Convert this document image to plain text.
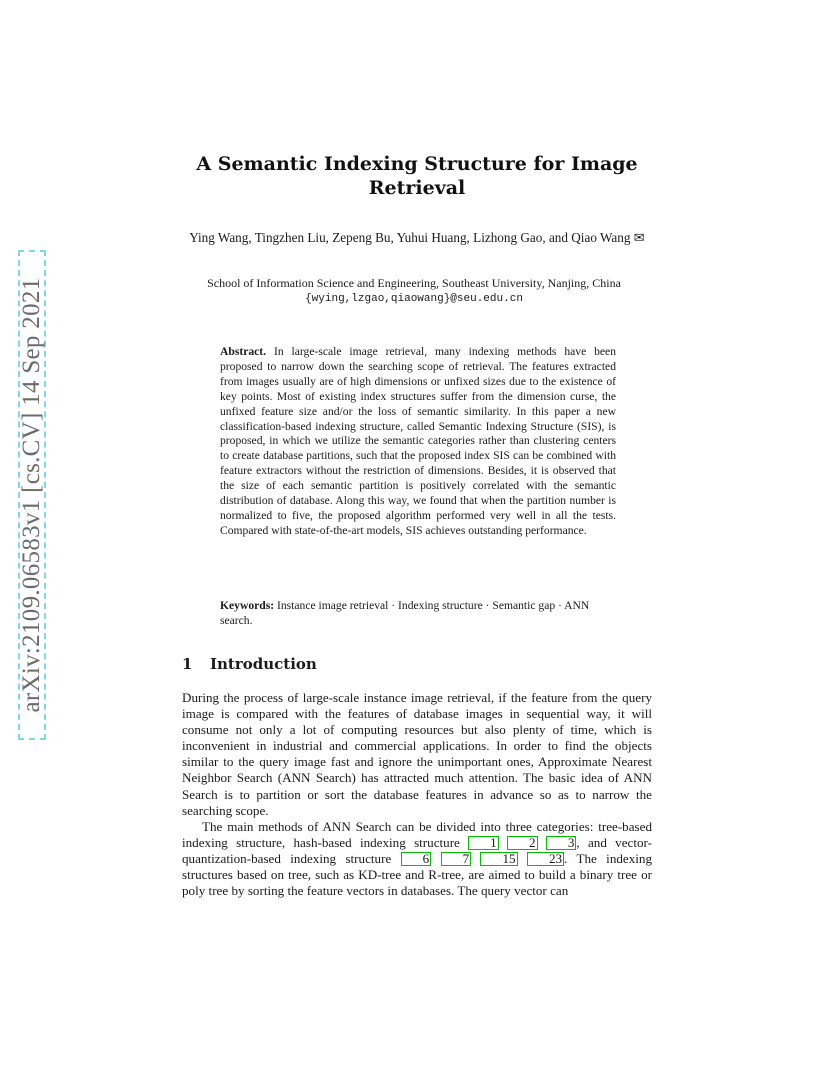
arXiv:2109.06583v1 [cs.CV] 14 Sep 2021
A Semantic Indexing Structure for Image Retrieval
Ying Wang, Tingzhen Liu, Zepeng Bu, Yuhui Huang, Lizhong Gao, and Qiao Wang ✉
School of Information Science and Engineering, Southeast University, Nanjing, China
{wying,lzgao,qiaowang}@seu.edu.cn

Abstract. In large-scale image retrieval, many indexing methods have been proposed to narrow down the searching scope of retrieval. The features extracted from images usually are of high dimensions or unfixed sizes due to the existence of key points. Most of existing index structures suffer from the dimension curse, the unfixed feature size and/or the loss of semantic similarity. In this paper a new classification-based indexing structure, called Semantic Indexing Structure (SIS), is proposed, in which we utilize the semantic categories rather than clustering centers to create database partitions, such that the proposed index SIS can be combined with feature extractors without the restriction of dimensions. Besides, it is observed that the size of each semantic partition is positively correlated with the semantic distribution of database. Along this way, we found that when the partition number is normalized to five, the proposed algorithm performed very well in all the tests. Compared with state-of-the-art models, SIS achieves outstanding performance.

Keywords: Instance image retrieval · Indexing structure · Semantic gap · ANN search.
1 Introduction

During the process of large-scale instance image retrieval, if the feature from the query image is compared with the features of database images in sequential way, it will consume not only a lot of computing resources but also plenty of time, which is inconvenient in industrial and commercial applications. In order to find the objects similar to the query image fast and ignore the unimportant ones, Approximate Nearest Neighbor Search (ANN Search) has attracted much attention. The basic idea of ANN Search is to partition or sort the database features in advance so as to narrow the searching scope.

The main methods of ANN Search can be divided into three categories: tree-based indexing structure, hash-based indexing structure 1 2 3 , and vector-quantization-based indexing structure 6	7	15	23 . The indexing structures based on tree, such as KD-tree and R-tree, are aimed to build a binary tree or poly tree by sorting the feature vectors in databases. The query vector can
